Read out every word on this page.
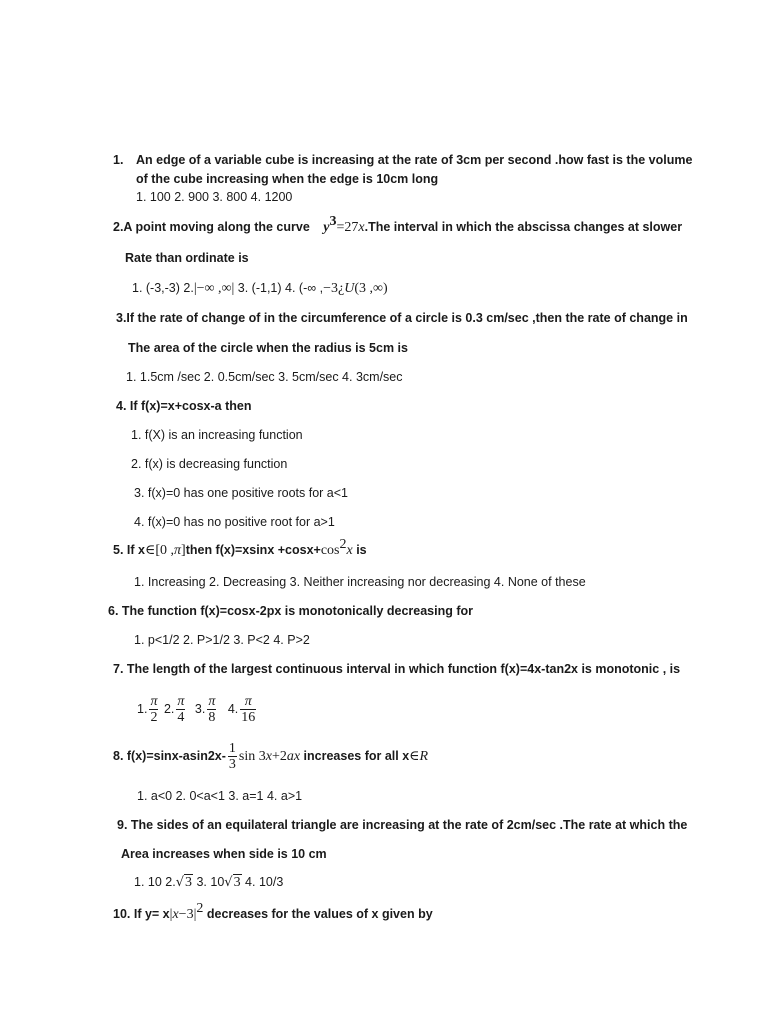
1. An edge of a variable cube is increasing at the rate of 3cm per second .how fast is the volume
of the cube increasing when the edge is 10cm long
1. 100 2. 900 3. 800 4. 1200
2.A point moving along the curve $y^3=27x.The$ interval in which the abscissa changes at slower
Rate than ordinate is
1. (-3,-3) 2.|−∞ ,∞| 3. (-1,1) 4. (-∞ ,−3¿U(3 ,∞)
3.If the rate of change of in the circumference of a circle is 0.3 cm/sec ,then the rate of change in
The area of the circle when the radius is 5cm is
1. 1.5cm /sec 2. 0.5cm/sec 3. 5cm/sec 4. 3cm/sec
4. If f(x)=x+cosx-a then
1. f(X) is an increasing function
2. f(x) is decreasing function
3. f(x)=0 has one positive roots for a<1
4. f(x)=0 has no positive root for a>1
5. If x∈[0 ,π]then $f(x)=xsinx +\cos x+\cos^2x$ is
1. Increasing 2. Decreasing 3. Neither increasing nor decreasing 4. None of these
6. The function f(x)=cosx-2px is monotonically decreasing for
1. p<1/2 2. P>1/2 3. P<2 4. P>2
7. The length of the largest continuous interval in which function f(x)=4x-tan2x is monotonic , is
1. $\frac{\pi}{2} 2$. $\frac{\pi}{4} 3$. $\frac{\pi}{8} 4$. $\frac{\pi}{16}$
8. $f(x)=\sin x-asin2x- \frac{1}{3}$ sin 3x+2ax increases for all x∈R
1. a<0 2. 0<a<1 3. a=1 4. a>1
9. The sides of an equilateral triangle are increasing at the rate of 2cm/sec .The rate at which the
Area increases when side is 10 cm
1. 10 2.√3 3. 10√3 4. 10/3
10. If $y= x|x-3|^2$ decreases for the values of x given by
